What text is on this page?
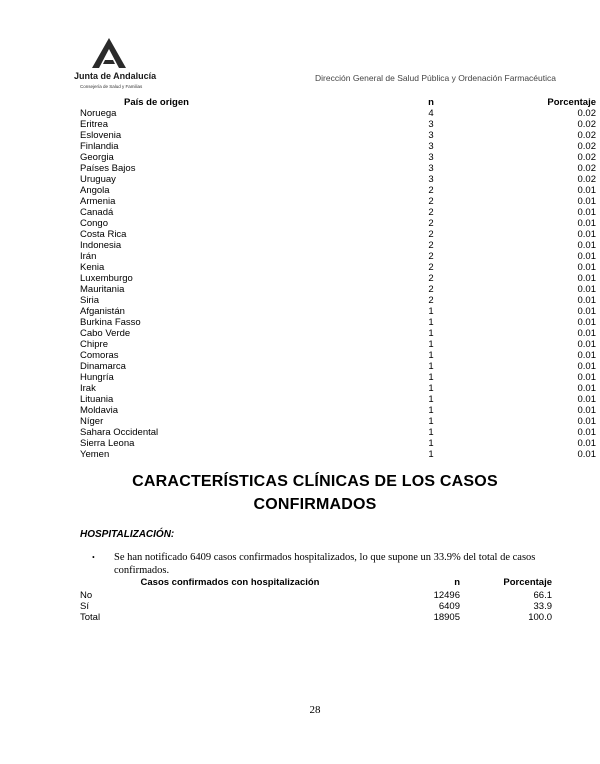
Junta de Andalucía
Consejería de Salud y Familias
Dirección General de Salud Pública y Ordenación Farmacéutica
País de origen	n	Porcentaje
Noruega	4	0.02
Eritrea	3	0.02
Eslovenia	3	0.02
Finlandia	3	0.02
Georgia	3	0.02
Países Bajos	3	0.02
Uruguay	3	0.02
Angola	2	0.01
Armenia	2	0.01
Canadá	2	0.01
Congo	2	0.01
Costa Rica	2	0.01
Indonesia	2	0.01
Irán	2	0.01
Kenia	2	0.01
Luxemburgo	2	0.01
Mauritania	2	0.01
Siria	2	0.01
Afganistán	1	0.01
Burkina Fasso	1	0.01
Cabo Verde	1	0.01
Chipre	1	0.01
Comoras	1	0.01
Dinamarca	1	0.01
Hungría	1	0.01
Irak	1	0.01
Lituania	1	0.01
Moldavia	1	0.01
Níger	1	0.01
Sahara Occidental	1	0.01
Sierra Leona	1	0.01
Yemen	1	0.01
CARACTERÍSTICAS CLÍNICAS DE LOS CASOS
CONFIRMADOS
HOSPITALIZACIÓN:
• Se han notificado 6409 casos confirmados hospitalizados, lo que supone un 33.9% del total de casos confirmados.
Casos confirmados con hospitalización	n	Porcentaje
No	12496	66.1
Sí	6409	33.9
Total	18905	100.0
28
